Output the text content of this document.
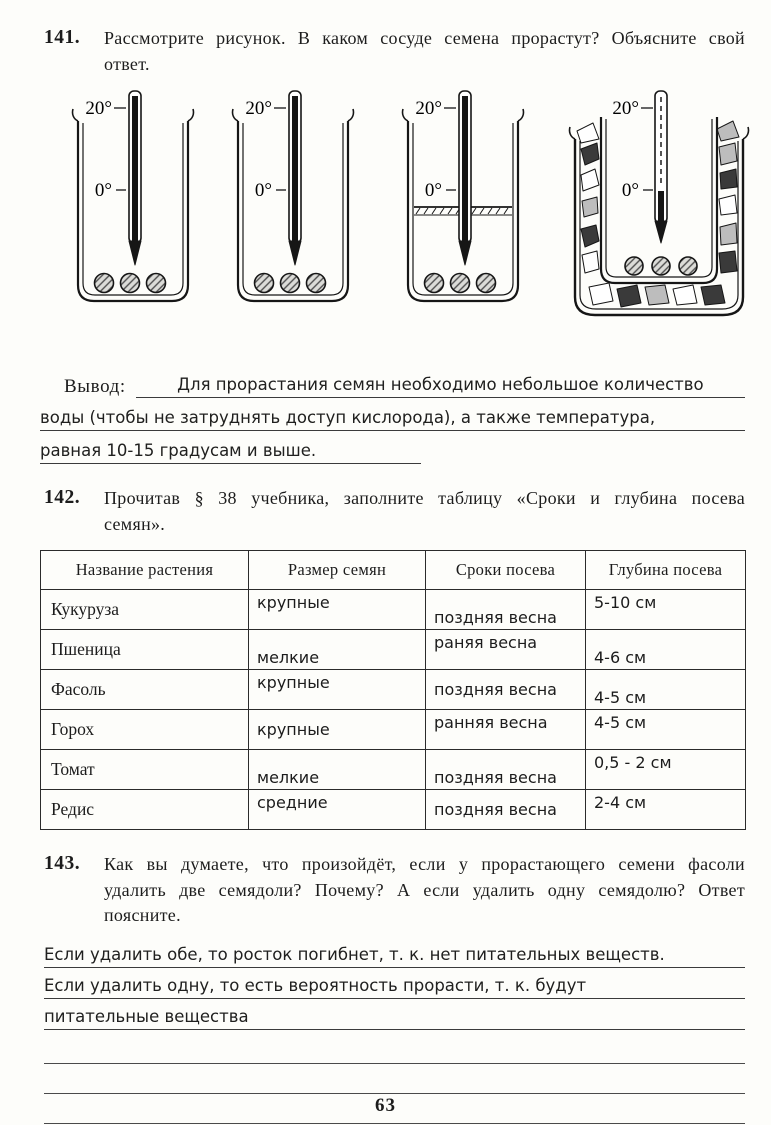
141.	Рассмотрите рисунок. В каком сосуде семена прорастут? Объясните свой ответ.
20°
0°
20°
0°
20°
0°
20°
0°
Вывод:	Для прорастания семян необходимо небольшое количество
воды (чтобы не затруднять доступ кислорода), а также температура,
равная 10-15 градусам и выше.
142.	Прочитав § 38 учебника, заполните таблицу «Сроки и глубина посева семян».
Название растения	Размер семян	Сроки посева	Глубина посева
Кукуруза	крупные	поздняя весна	5-10 см
Пшеница	мелкие	раняя весна	4-6 см
Фасоль	крупные	поздняя весна	4-5 см
Горох	крупные	ранняя весна	4-5 см
Томат	мелкие	поздняя весна	0,5 - 2 см
Редис	средние	поздняя весна	2-4 см
143.	Как вы думаете, что произойдёт, если у прорастающего семени фасоли удалить две семядоли? Почему? А если удалить одну семядолю? Ответ поясните.
Если удалить обе, то росток погибнет, т. к. нет питательных веществ.
Если удалить одну, то есть вероятность прорасти, т. к. будут
питательные вещества
63
